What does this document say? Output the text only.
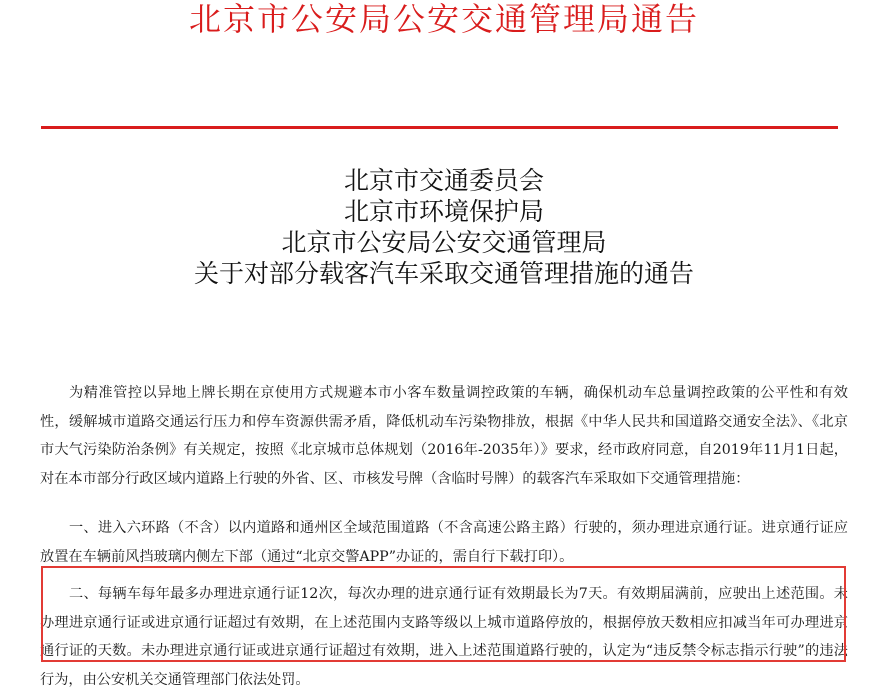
北京市公安局公安交通管理局通告
北京市交通委员会
北京市环境保护局
北京市公安局公安交通管理局
关于对部分载客汽车采取交通管理措施的通告

为精准管控以异地上牌长期在京使用方式规避本市小客车数量调控政策的车辆，确保机动车总量调控政策的公平性和有效性，缓解城市道路交通运行压力和停车资源供需矛盾，降低机动车污染物排放，根据《中华人民共和国道路交通安全法》、《北京市大气污染防治条例》有关规定，按照《北京城市总体规划（2016年-2035年）》要求，经市政府同意，自2019年11月1日起，对在本市部分行政区域内道路上行驶的外省、区、市核发号牌（含临时号牌）的载客汽车采取如下交通管理措施：

一、进入六环路（不含）以内道路和通州区全域范围道路（不含高速公路主路）行驶的，须办理进京通行证。进京通行证应放置在车辆前风挡玻璃内侧左下部（通过“北京交警APP”办证的，需自行下载打印）。

二、每辆车每年最多办理进京通行证12次，每次办理的进京通行证有效期最长为7天。有效期届满前，应驶出上述范围。未办理进京通行证或进京通行证超过有效期，在上述范围内支路等级以上城市道路停放的，根据停放天数相应扣减当年可办理进京通行证的天数。未办理进京通行证或进京通行证超过有效期，进入上述范围道路行驶的，认定为“违反禁令标志指示行驶”的违法行为，由公安机关交通管理部门依法处罚。
